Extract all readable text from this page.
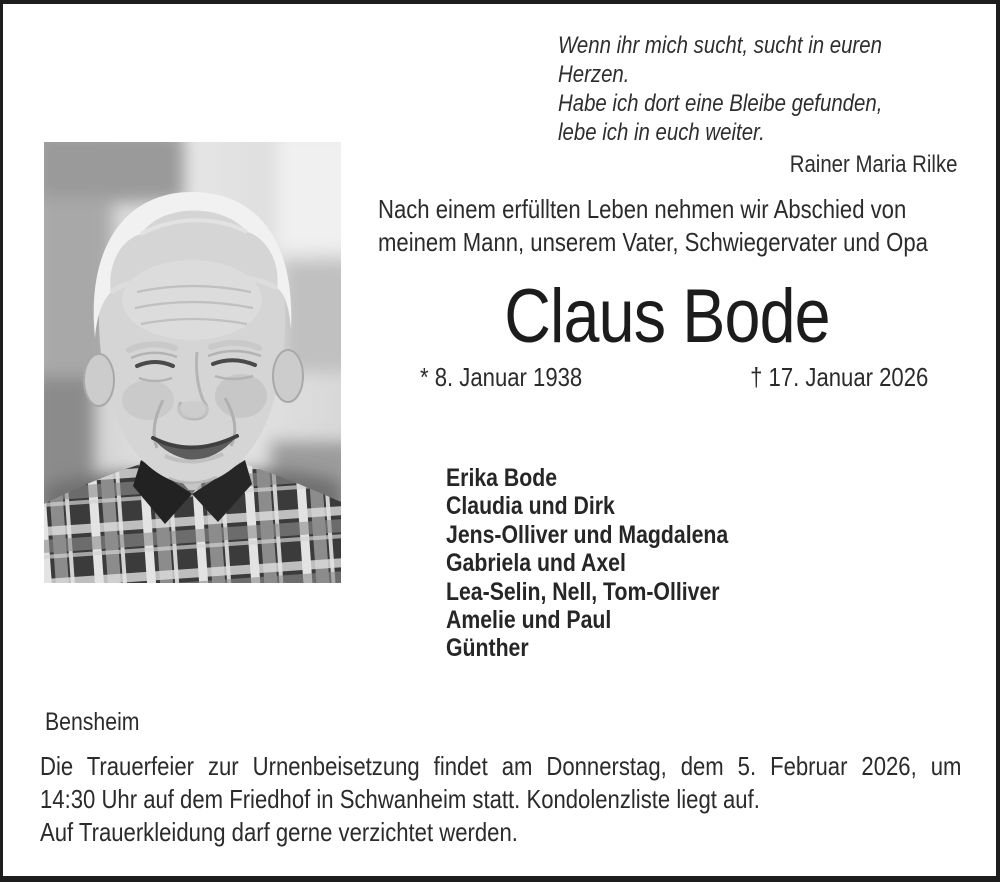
Wenn ihr mich sucht, sucht in euren Herzen.
Habe ich dort eine Bleibe gefunden,
lebe ich in euch weiter.
Rainer Maria Rilke
Nach einem erfüllten Leben nehmen wir Abschied von meinem Mann, unserem Vater, Schwiegervater und Opa
Claus Bode
* 8. Januar 1938	† 17. Januar 2026
Erika Bode
Claudia und Dirk
Jens-Olliver und Magdalena
Gabriela und Axel
Lea-Selin, Nell, Tom-Olliver
Amelie und Paul
Günther
Bensheim
Die Trauerfeier zur Urnenbeisetzung findet am Donnerstag, dem 5. Februar 2026, um
14:30 Uhr auf dem Friedhof in Schwanheim statt. Kondolenzliste liegt auf.
Auf Trauerkleidung darf gerne verzichtet werden.
